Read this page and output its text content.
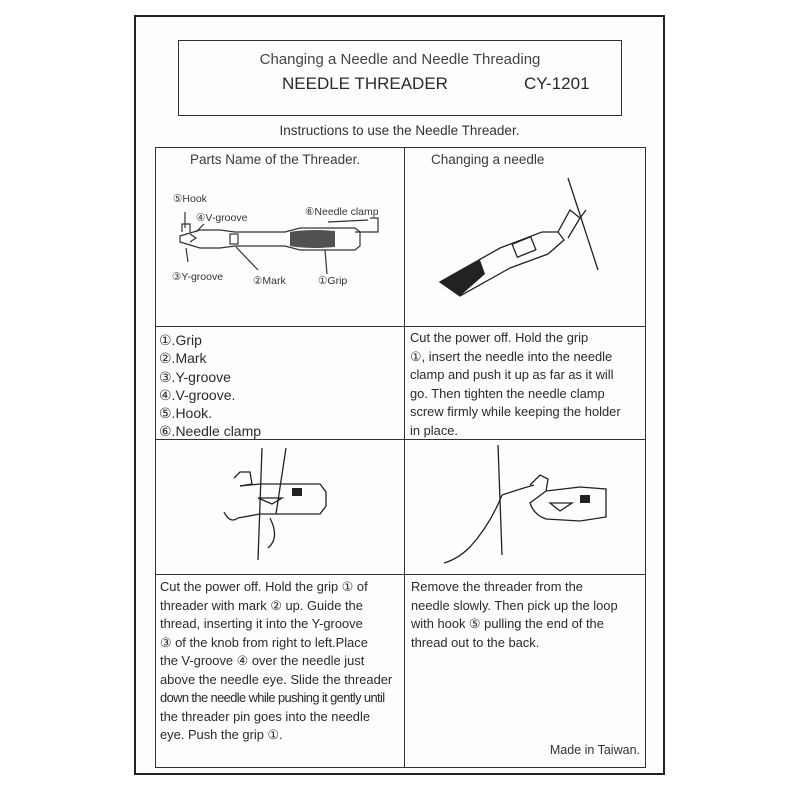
Changing a Needle and Needle Threading
NEEDLE THREADER	CY-1201
Instructions to use the Needle Threader.
Parts Name of the Threader.	Changing a needle
⑤Hook
④V-groove	⑥Needle clamp
③Y-groove	②Mark	①Grip
①.Grip
②.Mark
③.Y-groove
④.V-groove.
⑤.Hook.
⑥.Needle clamp
Cut the power off. Hold the grip
①, insert the needle into the needle
clamp and push it up as far as it will
go. Then tighten the needle clamp
screw firmly while keeping the holder
in place.
Cut the power off. Hold the grip ① of
threader with mark ② up. Guide the
thread, inserting it into the Y-groove
③ of the knob from right to left.Place
the V-groove ④ over the needle just
above the needle eye. Slide the threader
down the needle while pushing it gently until
the threader pin goes into the needle
eye. Push the grip ①.
Remove the threader from the
needle slowly. Then pick up the loop
with hook ⑤ pulling the end of the
thread out to the back.
Made in Taiwan.
